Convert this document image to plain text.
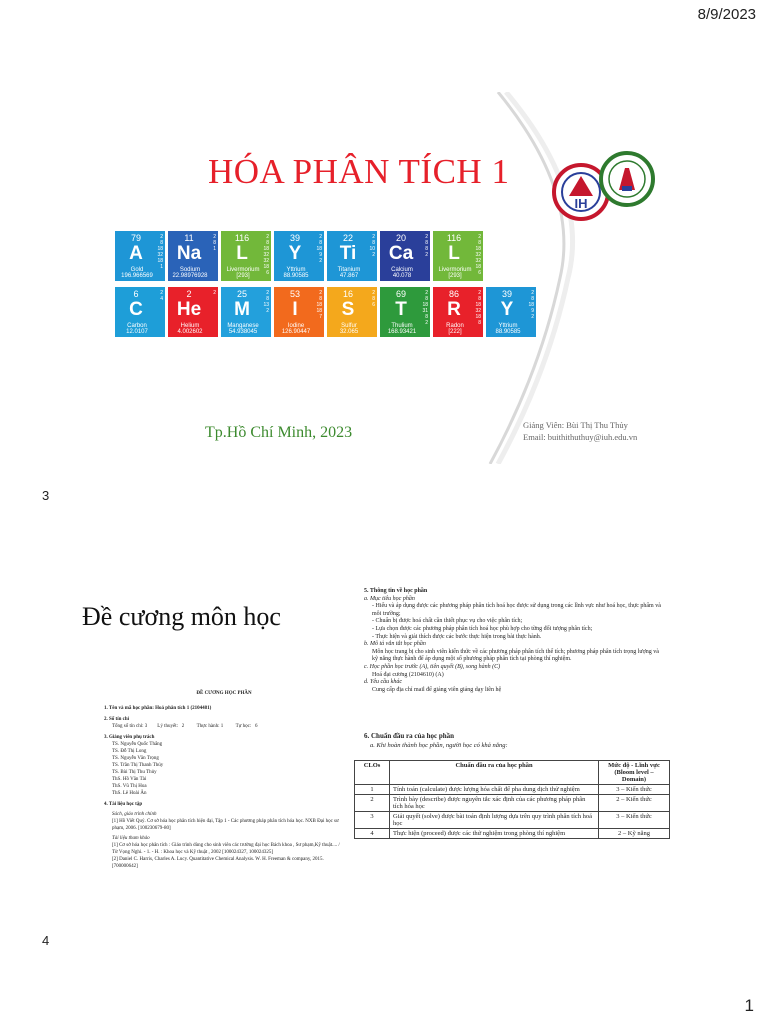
8/9/2023
3
HÓA PHÂN TÍCH 1
79
A
Gold
196.966569
2
8
18
32
18
1
11
Na
Sodium
22.98976928
2
8
1
116
L
Livermorium
[293]
2
8
18
32
32
18
6
39
Y
Yttrium
88.90585
2
8
18
9
2
22
Ti
Titanium
47.867
2
8
10
2
20
Ca
Calcium
40.078
2
8
8
2
116
L
Livermorium
[293]
2
8
18
32
32
18
6
6
C
Carbon
12.0107
2
4	2
He
Helium
4.002602
2	25
M
Manganese
54.938045
2
8
13
2
53
I
Iodine
126.90447
2
8
18
18
7
16
S
Sulfur
32.065
2
8
6
69
T
Thulium
168.93421
2
8
18
31
8
2
86
R
Radon
[222]
2
8
18
32
18
8
39
Y
Yttrium
88.90585
2
8
18
9
2
IH
Tp.Hồ Chí Minh, 2023	Giảng Viên: Bùi Thị Thu Thủy
Email: buithithuthuy@iuh.edu.vn
4
Đề cương môn học
ĐỀ CƯƠNG HỌC PHẦN
1. Tên và mã học phần: Hoá phân tích 1 (2104481)
2. Số tín chỉ
Tổng số tín chỉ: 3        Lý thuyết:   2          Thực hành: 1          Tự học:   6
3. Giảng viên phụ trách
TS. Nguyễn Quốc Thắng
TS. Đỗ Thị Long
TS. Nguyễn Văn Trọng
TS. Trần Thị Thanh Thúy
TS. Bùi Thị Thu Thủy
ThS. Hồ Văn Tài
ThS. Vũ Thị Hoa
ThS. Lê Hoài Ân
4. Tài liệu học tập
Sách, giáo trình chính
[1] Hồ Viết Quý. Cơ sở hóa học phân tích hiện đại, Tập 1 - Các phương pháp phân tích hóa học. NXB Đại học sư phạm, 2006. [100230679-80]
Tài liệu tham khảo
[1] Cơ sở hóa học phân tích : Giáo trình dùng cho sinh viên các trường đại học Bách khoa , Sư phạm,Kỹ thuật.... / Từ Vọng Nghi. - 1. - H. : Khoa học và Kỹ thuật , 2002 [100024327, 100024325]
[2] Daniel C. Harris, Charles A. Lucy. Quantitative Chemical Analysis. W. H. Freeman & company, 2015. [700000642]
5. Thông tin về học phần
a. Mục tiêu học phần
- Hiểu và áp dụng được các phương pháp phân tích hoá học được sử dụng trong các lĩnh vực như hoá học, thực phẩm và môi trường;
- Chuẩn bị được hoá chất cần thiết phục vụ cho việc phân tích;
- Lựa chọn được các phương pháp phân tích hoá học phù hợp cho từng đối tượng phân tích;
- Thực hiện và giải thích được các bước thực hiện trong bài thực hành.
b. Mô tả vắn tắt học phần
Môn học trang bị cho sinh viên kiến thức về các phương pháp phân tích thể tích; phương pháp phân tích trọng lượng và kỹ năng thực hành để áp dụng một số phương pháp phân tích tại phòng thí nghiệm.
c. Học phần học trước (A), tiên quyết (B), song hành (C)
Hoá đại cương (2104610) (A)
d. Yêu cầu khác
Cung cấp địa chỉ mail để giảng viên giảng dạy liên hệ
6. Chuẩn đầu ra của học phần
a. Khi hoàn thành học phần, người học có khả năng:
CLOs	Chuẩn đầu ra của học phần	Mức độ - Lĩnh vực (Bloom level – Domain)
1	Tính toán (calculate) được lượng hóa chất để pha dung dịch thử nghiệm	3 – Kiến thức
2	Trình bày (describe) được nguyên tắc xác định của các phương pháp phân tích hóa học	2 – Kiến thức
3	Giải quyết (solve) được bài toán định lượng dựa trên quy trình phân tích hoá học	3 – Kiến thức
4	Thực hiện (proceed) được các thử nghiệm trong phòng thí nghiệm	2 – Kỹ năng
1
